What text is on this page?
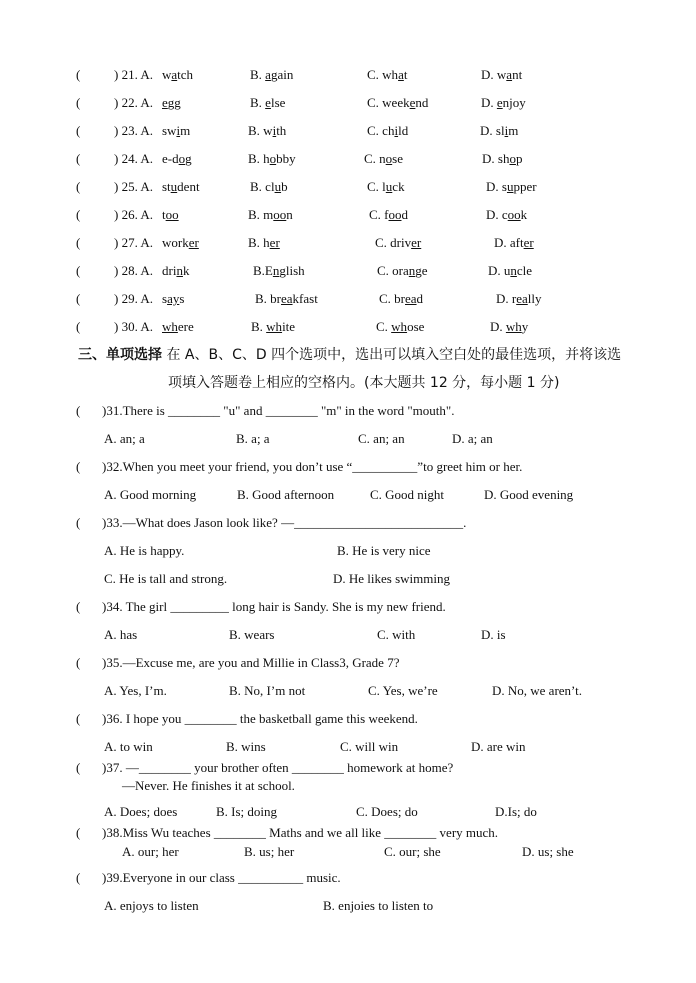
(	) 21. A. watch	B. again	C. what	D. want
(	) 22. A. egg	B. else	C. weekend	D. enjoy
(	) 23. A. swim	B. with	C. child	D. slim
(	) 24. A. e-dog	B. hobby	C. nose	D. shop
(	) 25. A. student	B. club	C. luck	D. supper
(	) 26. A. too	B. moon	C. food	D. cook
(	) 27. A. worker	B. her	C. driver	D. after
(	) 28. A. drink	B.English	C. orange	D. uncle
(	) 29. A. says	B. breakfast	C. bread	D. really
(	) 30. A. where	B. white	C. whose	D. why
三、单项选择 在 A、B、C、D 四个选项中，选出可以填入空白处的最佳选项，并将该选
项填入答题卷上相应的空格内。(本大题共 12 分，每小题 1 分)
( )31.There is ________ "u" and ________ "m" in the word "mouth".
A. an; a	B. a; a	C. an; an	D. a; an
( )32.When you meet your friend, you don’t use “__________”to greet him or her.
A. Good morning	B. Good afternoon	C. Good night	D. Good evening
( )33.—What does Jason look like? —__________________________.
A. He is happy.	B. He is very nice
C. He is tall and strong.	D. He likes swimming
( )34. The girl _________ long hair is Sandy. She is my new friend.
A. has	B. wears	C. with	D. is
( )35.—Excuse me, are you and Millie in Class3, Grade 7?
A. Yes, I’m.	B. No, I’m not	C. Yes, we’re	D. No, we aren’t.
( )36. I hope you ________ the basketball game this weekend.
A. to win	B. wins	C. will win	D. are win
( )37. —________ your brother often ________ homework at home?
—Never. He finishes it at school.
A. Does; does	B. Is; doing	C. Does; do	D.Is; do
( )38.Miss Wu teaches ________ Maths and we all like ________ very much.
A. our; her	B. us; her	C. our; she	D. us; she
( )39.Everyone in our class __________ music.
A. enjoys to listen	B. enjoies to listen to
